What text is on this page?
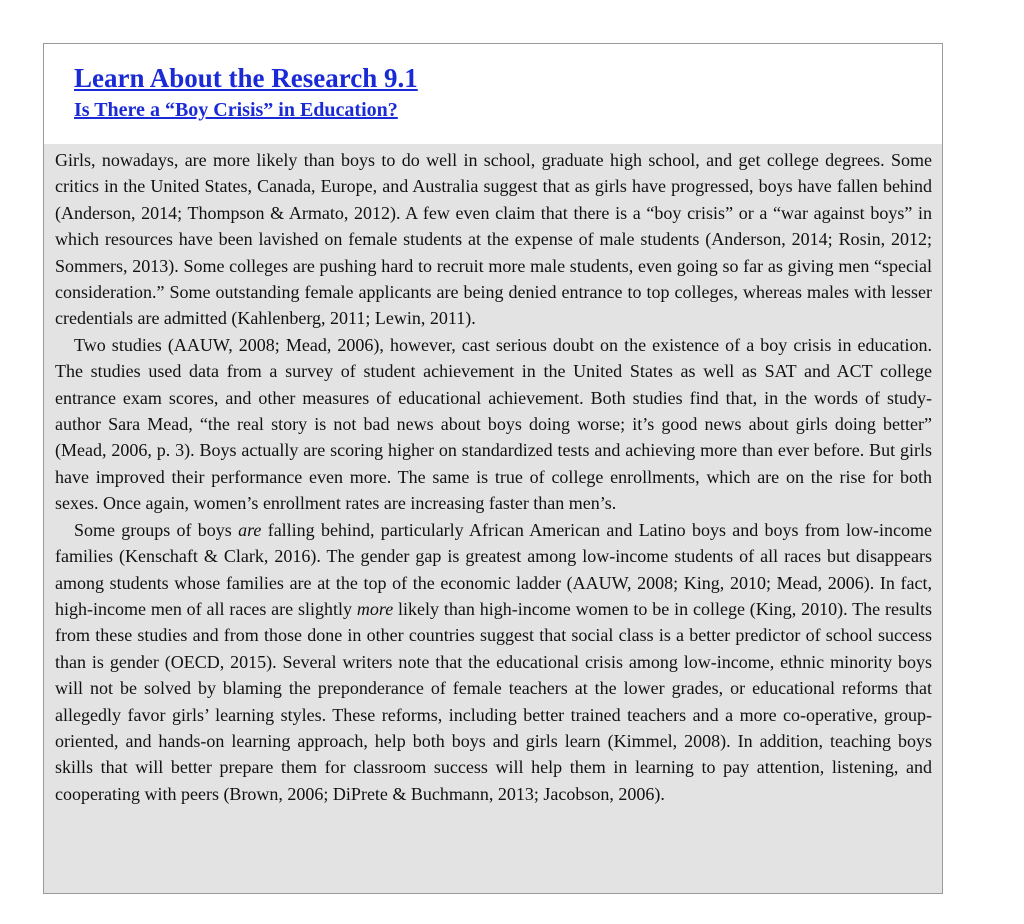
Learn About the Research 9.1
Is There a “Boy Crisis” in Education?

Girls, nowadays, are more likely than boys to do well in school, graduate high school, and get college degrees. Some critics in the United States, Canada, Europe, and Australia suggest that as girls have progressed, boys have fallen behind (Anderson, 2014; Thompson & Armato, 2012). A few even claim that there is a “boy crisis” or a “war against boys” in which resources have been lavished on female students at the expense of male students (Anderson, 2014; Rosin, 2012; Sommers, 2013). Some colleges are pushing hard to recruit more male students, even going so far as giving men “special consideration.” Some outstanding female applicants are being denied entrance to top colleges, whereas males with lesser credentials are admitted (Kahlenberg, 2011; Lewin, 2011).

Two studies (AAUW, 2008; Mead, 2006), however, cast serious doubt on the existence of a boy crisis in education. The studies used data from a survey of student achievement in the United States as well as SAT and ACT college entrance exam scores, and other measures of educational achievement. Both studies find that, in the words of study-author Sara Mead, “the real story is not bad news about boys doing worse; it’s good news about girls doing better” (Mead, 2006, p. 3). Boys actually are scoring higher on standardized tests and achieving more than ever before. But girls have improved their performance even more. The same is true of college enrollments, which are on the rise for both sexes. Once again, women’s enrollment rates are increasing faster than men’s.

Some groups of boys are falling behind, particularly African American and Latino boys and boys from low-income families (Kenschaft & Clark, 2016). The gender gap is greatest among low-income students of all races but disappears among students whose families are at the top of the economic ladder (AAUW, 2008; King, 2010; Mead, 2006). In fact, high-income men of all races are slightly more likely than high-income women to be in college (King, 2010). The results from these studies and from those done in other countries suggest that social class is a better predictor of school success than is gender (OECD, 2015). Several writers note that the educational crisis among low-income, ethnic minority boys will not be solved by blaming the preponderance of female teachers at the lower grades, or educational reforms that allegedly favor girls’ learning styles. These reforms, including better trained teachers and a more co-operative, group-oriented, and hands-on learning approach, help both boys and girls learn (Kimmel, 2008). In addition, teaching boys skills that will better prepare them for classroom success will help them in learning to pay attention, listening, and cooperating with peers (Brown, 2006; DiPrete & Buchmann, 2013; Jacobson, 2006).
